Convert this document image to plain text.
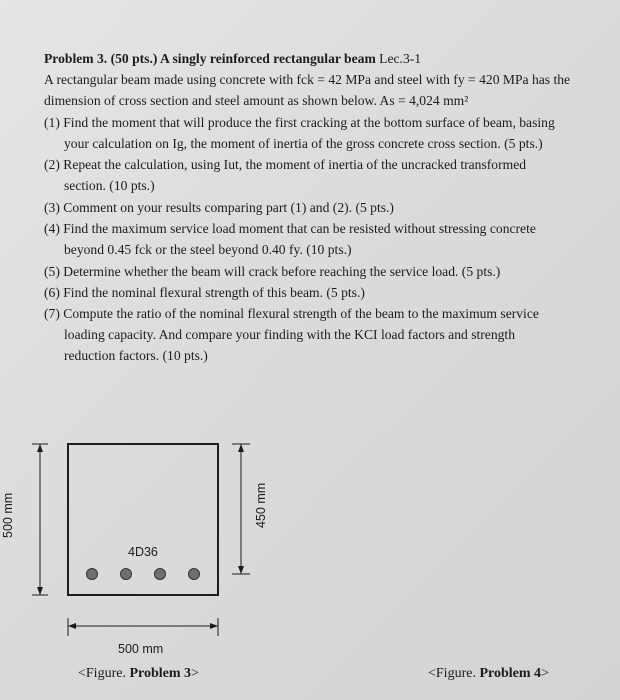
Problem 3. (50 pts.) A singly reinforced rectangular beam Lec.3-1
A rectangular beam made using concrete with fck = 42 MPa and steel with fy = 420 MPa has the
dimension of cross section and steel amount as shown below. As = 4,024 mm²
(1) Find the moment that will produce the first cracking at the bottom surface of beam, basing
your calculation on Ig, the moment of inertia of the gross concrete cross section. (5 pts.)
(2) Repeat the calculation, using Iut, the moment of inertia of the uncracked transformed
section. (10 pts.)
(3) Comment on your results comparing part (1) and (2). (5 pts.)
(4) Find the maximum service load moment that can be resisted without stressing concrete
beyond 0.45 fck or the steel beyond 0.40 fy. (10 pts.)
(5) Determine whether the beam will crack before reaching the service load. (5 pts.)
(6) Find the nominal flexural strength of this beam. (5 pts.)
(7) Compute the ratio of the nominal flexural strength of the beam to the maximum service
loading capacity. And compare your finding with the KCI load factors and strength
reduction factors. (10 pts.)
500 mm
4D36
450 mm
500 mm
<Figure. Problem 3>	<Figure. Problem 4>
